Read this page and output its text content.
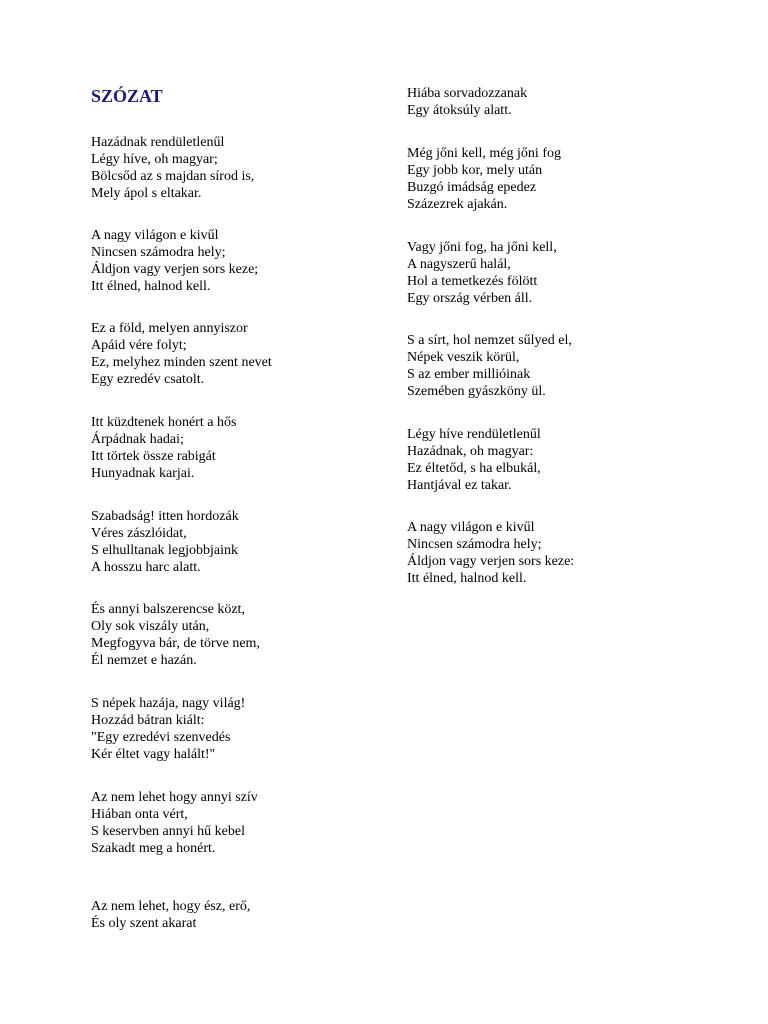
SZÓZAT

Hazádnak rendületlenűl
Légy híve, oh magyar;
Bölcsőd az s majdan sírod is,
Mely ápol s eltakar.

A nagy világon e kivűl
Nincsen számodra hely;
Áldjon vagy verjen sors keze;
Itt élned, halnod kell.

Ez a föld, melyen annyiszor
Apáid vére folyt;
Ez, melyhez minden szent nevet
Egy ezredév csatolt.

Itt küzdtenek honért a hős
Árpádnak hadai;
Itt törtek össze rabigát
Hunyadnak karjai.

Szabadság! itten hordozák
Véres zászlóidat,
S elhulltanak legjobbjaink
A hosszu harc alatt.

És annyi balszerencse közt,
Oly sok viszály után,
Megfogyva bár, de törve nem,
Él nemzet e hazán.

S népek hazája, nagy világ!
Hozzád bátran kiált:
"Egy ezredévi szenvedés
Kér éltet vagy halált!"

Az nem lehet hogy annyi szív
Hiában onta vért,
S keservben annyi hű kebel
Szakadt meg a honért.

Az nem lehet, hogy ész, erő,
És oly szent akarat

Hiába sorvadozzanak
Egy átoksúly alatt.

Még jőni kell, még jőni fog
Egy jobb kor, mely után
Buzgó imádság epedez
Százezrek ajakán.

Vagy jőni fog, ha jőni kell,
A nagyszerű halál,
Hol a temetkezés fölött
Egy ország vérben áll.

S a sírt, hol nemzet sűlyed el,
Népek veszik körül,
S az ember millióinak
Szemében gyászköny ül.

Légy híve rendületlenűl
Hazádnak, oh magyar:
Ez éltetőd, s ha elbukál,
Hantjával ez takar.

A nagy világon e kivűl
Nincsen számodra hely;
Áldjon vagy verjen sors keze:
Itt élned, halnod kell.
